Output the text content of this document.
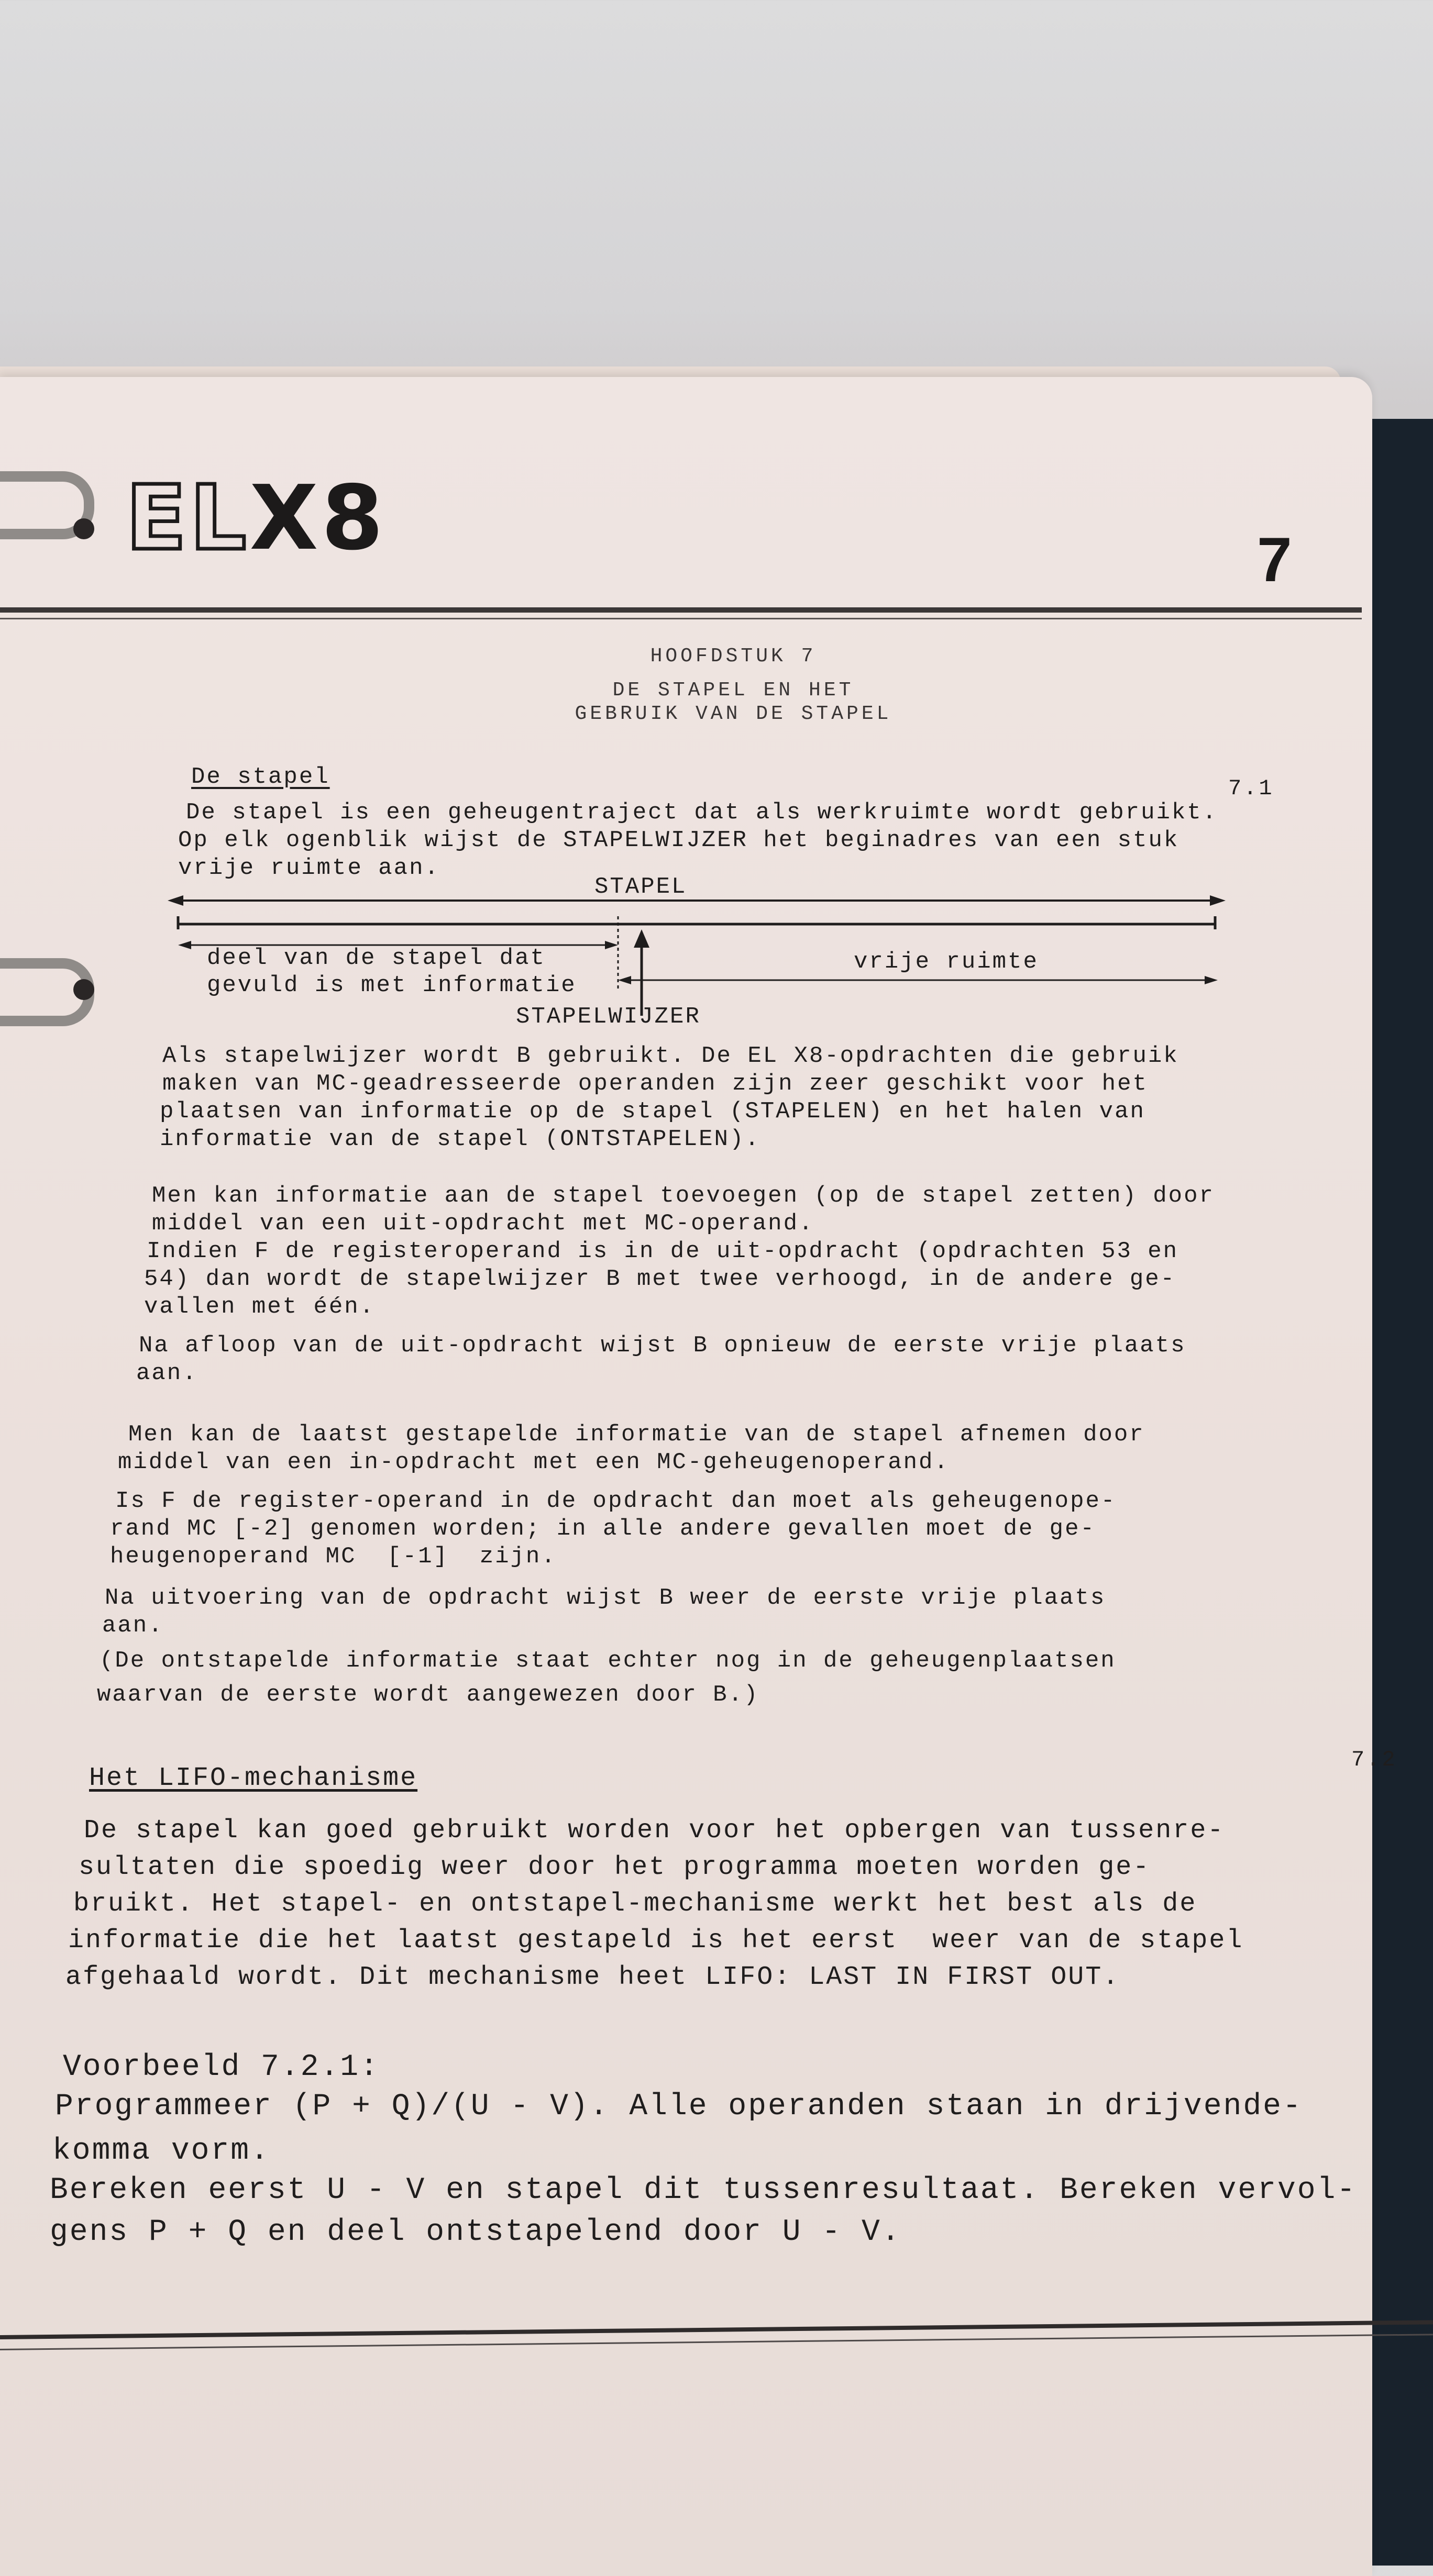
ELX8	7
HOOFDSTUK 7
DE STAPEL EN HET
GEBRUIK VAN DE STAPEL
De stapel	7.1
De stapel is een geheugentraject dat als werkruimte wordt gebruikt.
Op elk ogenblik wijst de STAPELWIJZER het beginadres van een stuk
vrije ruimte aan.
STAPEL
deel van de stapel dat
gevuld is met informatie
vrije ruimte
STAPELWIJZER
Als stapelwijzer wordt B gebruikt. De EL X8-opdrachten die gebruik
maken van MC-geadresseerde operanden zijn zeer geschikt voor het
plaatsen van informatie op de stapel (STAPELEN) en het halen van
informatie van de stapel (ONTSTAPELEN).
Men kan informatie aan de stapel toevoegen (op de stapel zetten) door
middel van een uit-opdracht met MC-operand.
Indien F de registeroperand is in de uit-opdracht (opdrachten 53 en
54) dan wordt de stapelwijzer B met twee verhoogd, in de andere ge-
vallen met één.
Na afloop van de uit-opdracht wijst B opnieuw de eerste vrije plaats
aan.
Men kan de laatst gestapelde informatie van de stapel afnemen door
middel van een in-opdracht met een MC-geheugenoperand.
Is F de register-operand in de opdracht dan moet als geheugenope-
rand MC [-2] genomen worden; in alle andere gevallen moet de ge-
heugenoperand MC  [-1]  zijn.
Na uitvoering van de opdracht wijst B weer de eerste vrije plaats
aan.
(De ontstapelde informatie staat echter nog in de geheugenplaatsen
waarvan de eerste wordt aangewezen door B.)
Het LIFO-mechanisme
7.2
De stapel kan goed gebruikt worden voor het opbergen van tussenre-
sultaten die spoedig weer door het programma moeten worden ge-
bruikt. Het stapel- en ontstapel-mechanisme werkt het best als de
informatie die het laatst gestapeld is het eerst  weer van de stapel
afgehaald wordt. Dit mechanisme heet LIFO: LAST IN FIRST OUT.
Voorbeeld 7.2.1:
Programmeer (P + Q)/(U - V). Alle operanden staan in drijvende-
komma vorm.
Bereken eerst U - V en stapel dit tussenresultaat. Bereken vervol-
gens P + Q en deel ontstapelend door U - V.
